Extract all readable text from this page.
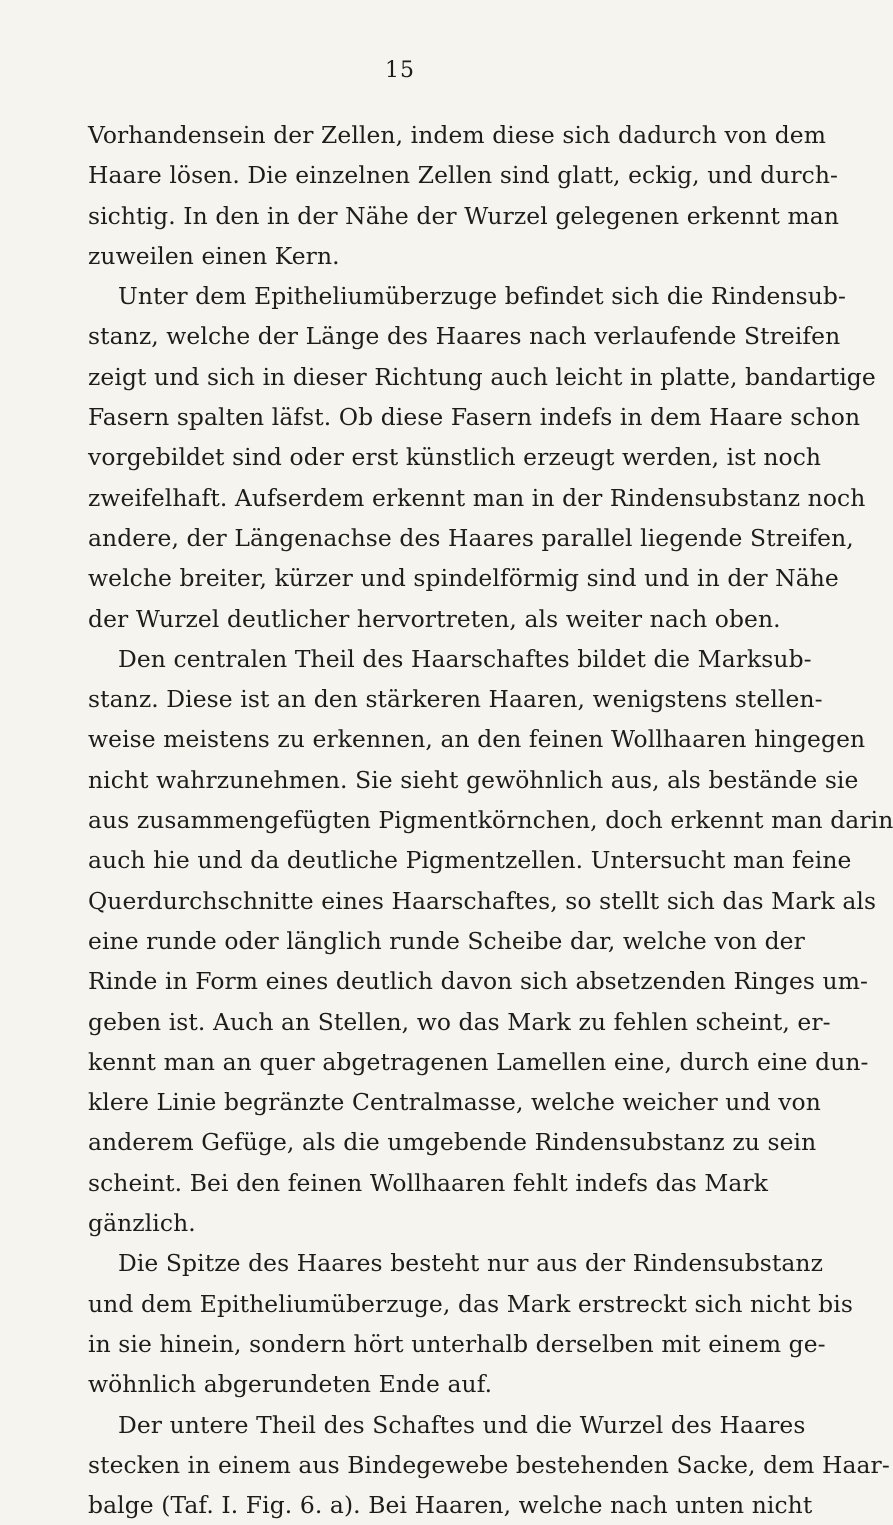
15
Vorhandensein der Zellen, indem diese sich dadurch von dem
Haare lösen. Die einzelnen Zellen sind glatt, eckig, und durch-
sichtig. In den in der Nähe der Wurzel gelegenen erkennt man
zuweilen einen Kern.
Unter dem Epitheliumüberzuge befindet sich die Rindensub-
stanz, welche der Länge des Haares nach verlaufende Streifen
zeigt und sich in dieser Richtung auch leicht in platte, bandartige
Fasern spalten läfst. Ob diese Fasern indefs in dem Haare schon
vorgebildet sind oder erst künstlich erzeugt werden, ist noch
zweifelhaft. Aufserdem erkennt man in der Rindensubstanz noch
andere, der Längenachse des Haares parallel liegende Streifen,
welche breiter, kürzer und spindelförmig sind und in der Nähe
der Wurzel deutlicher hervortreten, als weiter nach oben.
Den centralen Theil des Haarschaftes bildet die Marksub-
stanz. Diese ist an den stärkeren Haaren, wenigstens stellen-
weise meistens zu erkennen, an den feinen Wollhaaren hingegen
nicht wahrzunehmen. Sie sieht gewöhnlich aus, als bestände sie
aus zusammengefügten Pigmentkörnchen, doch erkennt man darin
auch hie und da deutliche Pigmentzellen. Untersucht man feine
Querdurchschnitte eines Haarschaftes, so stellt sich das Mark als
eine runde oder länglich runde Scheibe dar, welche von der
Rinde in Form eines deutlich davon sich absetzenden Ringes um-
geben ist. Auch an Stellen, wo das Mark zu fehlen scheint, er-
kennt man an quer abgetragenen Lamellen eine, durch eine dun-
klere Linie begränzte Centralmasse, welche weicher und von
anderem Gefüge, als die umgebende Rindensubstanz zu sein
scheint. Bei den feinen Wollhaaren fehlt indefs das Mark
gänzlich.
Die Spitze des Haares besteht nur aus der Rindensubstanz
und dem Epitheliumüberzuge, das Mark erstreckt sich nicht bis
in sie hinein, sondern hört unterhalb derselben mit einem ge-
wöhnlich abgerundeten Ende auf.
Der untere Theil des Schaftes und die Wurzel des Haares
stecken in einem aus Bindegewebe bestehenden Sacke, dem Haar-
balge (Taf. I. Fig. 6. a). Bei Haaren, welche nach unten nicht
